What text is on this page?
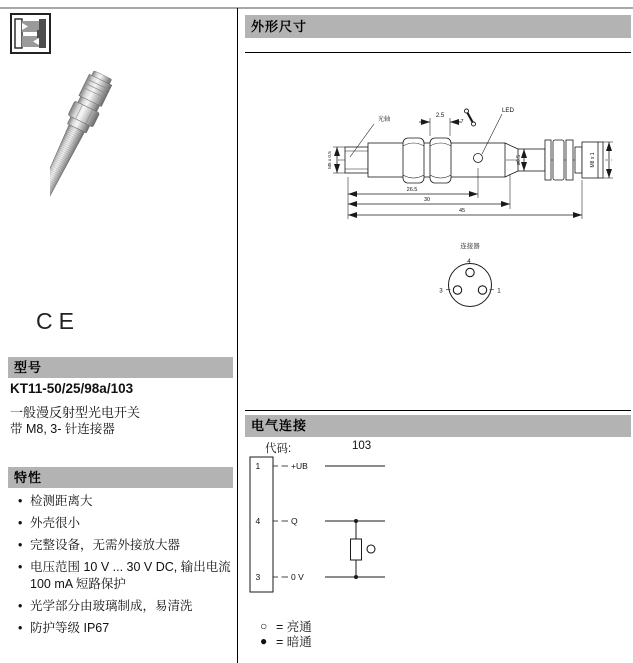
CE
型号
KT11-50/25/98a/103
一般漫反射型光电开关
带 M8, 3- 针连接器
特性
•
检测距离大
•
外壳很小
•
完整设备，无需外接放大器
•
电压范围 10 V ... 30 V DC, 输出电流 100 mA 短路保护
•
光学部分由玻璃制成，易清洗
•
防护等级 IP67
外形尺寸
LED
光轴	7
2.5
M5 x 0.5	ø6.5	M8 x 1
26.5
30
45
连接器
4
3	1
电气连接
代码:	103
1	+UB
4	Q
3	0 V
○ = 亮通
● = 暗通
